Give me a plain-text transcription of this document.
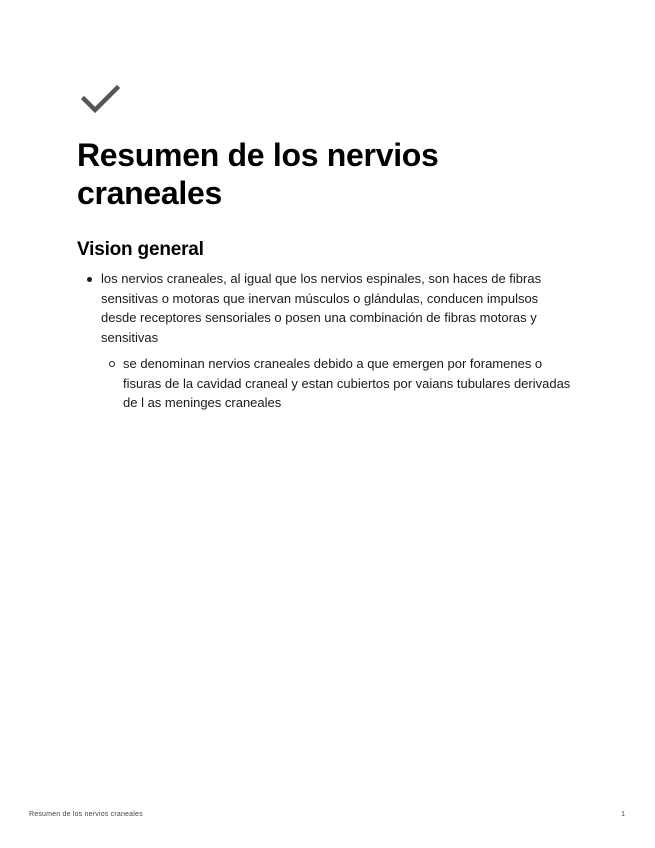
Resumen de los nervios craneales
Vision general
los nervios craneales, al igual que los nervios espinales, son haces de fibras sensitivas o motoras que inervan músculos o glándulas, conducen impulsos desde receptores sensoriales o posen una combinación de fibras motoras y sensitivas
se denominan nervios craneales debido a que emergen por foramenes o fisuras de la cavidad craneal y estan cubiertos por vaians tubulares derivadas de l as meninges craneales
Resumen de los nervios craneales	1
